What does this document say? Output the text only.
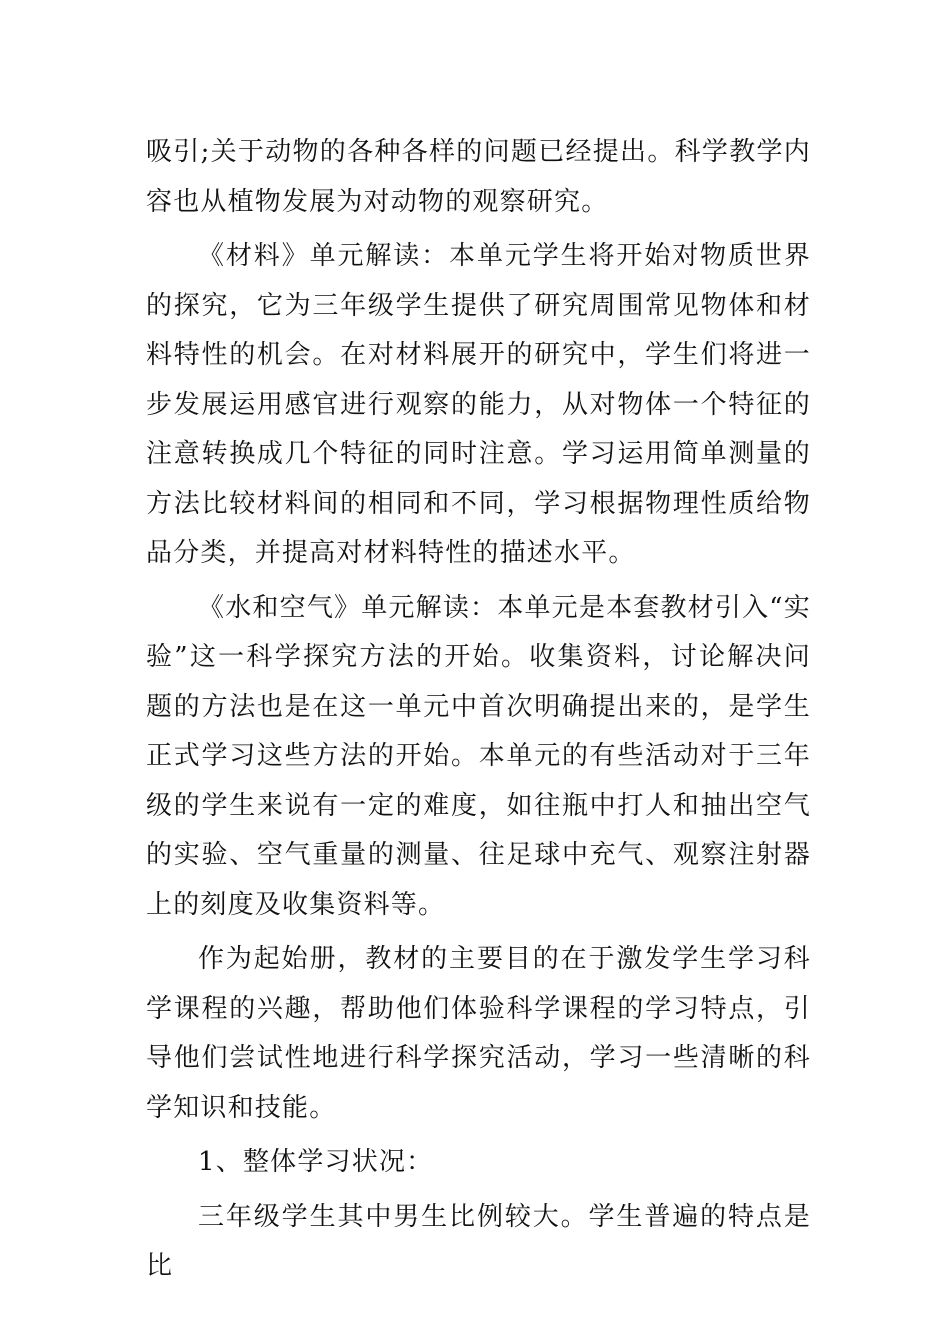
吸引;关于动物的各种各样的问题已经提出。科学教学内容也从植物发展为对动物的观察研究。

《材料》单元解读：本单元学生将开始对物质世界的探究，它为三年级学生提供了研究周围常见物体和材料特性的机会。在对材料展开的研究中，学生们将进一步发展运用感官进行观察的能力，从对物体一个特征的注意转换成几个特征的同时注意。学习运用简单测量的方法比较材料间的相同和不同，学习根据物理性质给物品分类，并提高对材料特性的描述水平。

《水和空气》单元解读：本单元是本套教材引入“实验”这一科学探究方法的开始。收集资料，讨论解决问题的方法也是在这一单元中首次明确提出来的，是学生正式学习这些方法的开始。本单元的有些活动对于三年级的学生来说有一定的难度，如往瓶中打人和抽出空气的实验、空气重量的测量、往足球中充气、观察注射器上的刻度及收集资料等。

作为起始册，教材的主要目的在于激发学生学习科学课程的兴趣，帮助他们体验科学课程的学习特点，引导他们尝试性地进行科学探究活动，学习一些清晰的科学知识和技能。

1、整体学习状况：

三年级学生其中男生比例较大。学生普遍的特点是比
